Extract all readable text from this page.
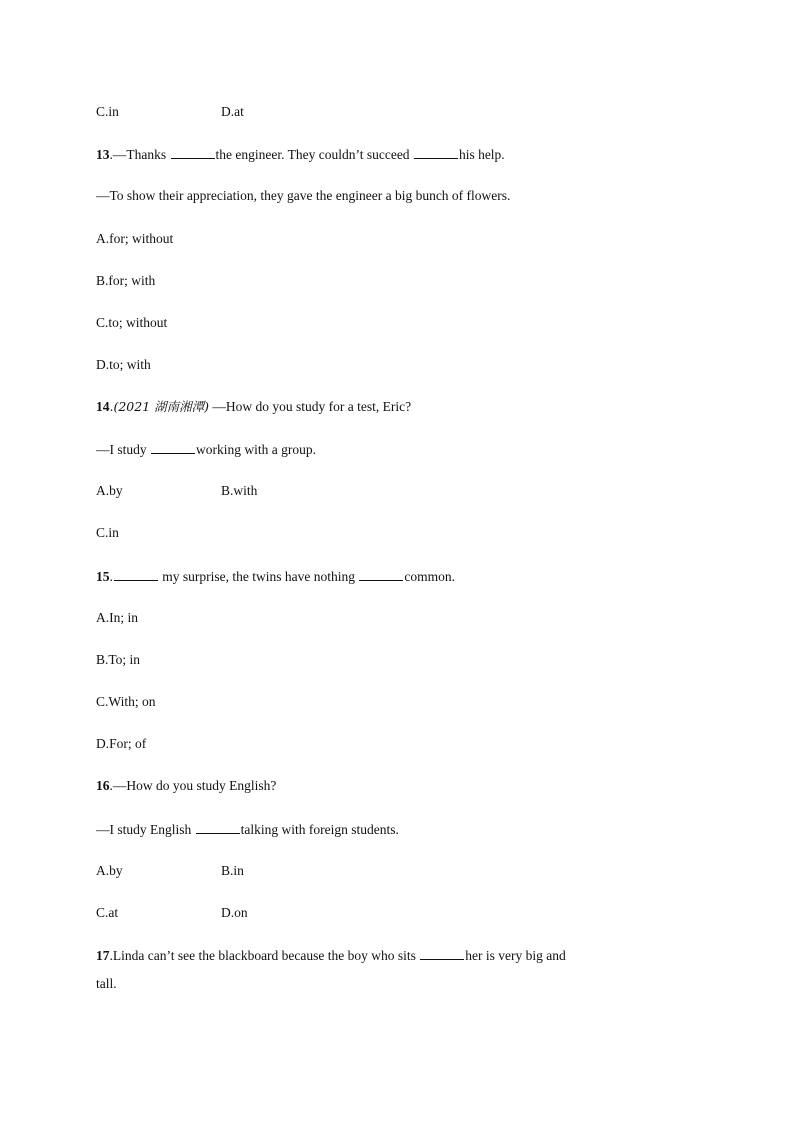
C.in	D.at
13.—Thanks	the engineer. They couldn’t succeed	his help.
—To show their appreciation, they gave the engineer a big bunch of flowers.
A.for; without
B.for; with
C.to; without
D.to; with
14.(2021 湖南湘潭) —How do you study for a test, Eric?
—I study	working with a group.
A.by	B.with
C.in
15.	my surprise, the twins have nothing	common.
A.In; in
B.To; in
C.With; on
D.For; of
16.—How do you study English?
—I study English	talking with foreign students.
A.by	B.in
C.at	D.on
17.Linda can’t see the blackboard because the boy who sits	her is very big and
tall.
